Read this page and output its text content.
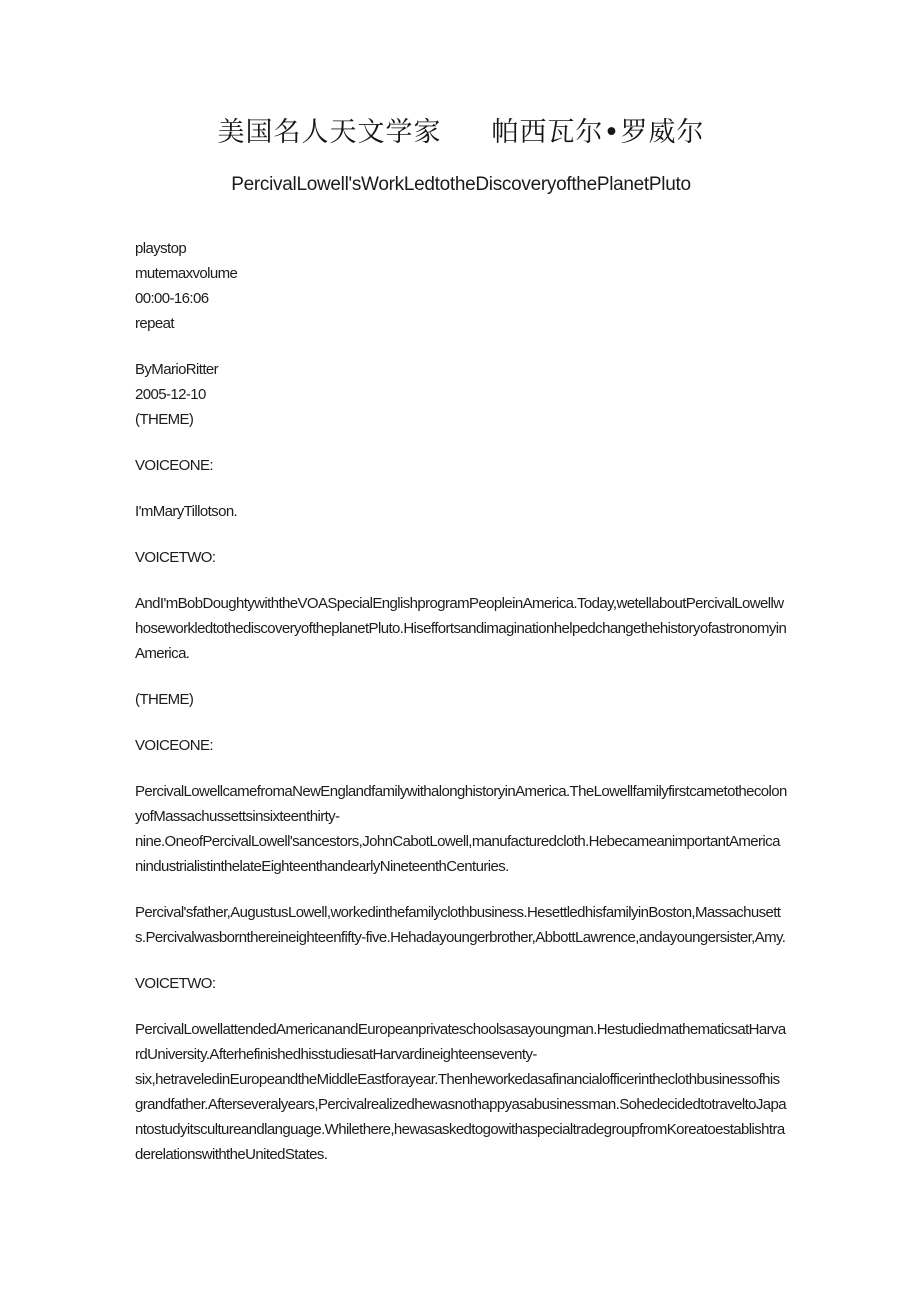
美国名人天文学家 帕西瓦尔•罗威尔
PercivalLowell'sWorkLedtotheDiscoveryofthePlanetPluto

playstop

mutemaxvolume

00:00-16:06

repeat

ByMarioRitter

2005-12-10

(THEME)

VOICEONE:

I'mMaryTillotson.

VOICETWO:

AndI'mBobDoughtywiththeVOASpecialEnglishprogramPeopleinAmerica.Today,wetellaboutPercivalLowellwhoseworkledtothediscoveryoftheplanetPluto.Hiseffortsandimaginationhelpedchangethehistoryofastronomyin America.

(THEME)

VOICEONE:

PercivalLowellcamefromaNewEnglandfamilywithalonghistoryinAmerica.TheLowellfamilyfirstcametothecolonyofMassachussettsinsixteenthirty-nine.OneofPercivalLowell'sancestors,JohnCabotLowell,manufacturedcloth.HebecameanimportantAmericanindustrialistinthelateEighteenthandearlyNineteenthCenturies.

Percival'sfather,AugustusLowell,workedinthefamilyclothbusiness.HesettledhisfamilyinBoston,Massachusetts.Percivalwasbornthereineighteenfifty-five.Hehadayoungerbrother,AbbottLawrence,andayoungersister,Amy.

VOICETWO:

PercivalLowellattendedAmericanandEuropeanprivateschoolsasayoungman.HestudiedmathematicsatHarvardUniversity.AfterhefinishedhisstudiesatHarvardineighteenseventy-six,hetraveledinEuropeandtheMiddleEastforayear.Thenheworkedasafinancialofficerintheclothbusinessofhisgrandfather.Afterseveralyears,Percivalrealizedhewasnothappyasabusinessman.SohedecidedtotraveltoJapantostudyitscultureandlanguage.Whilethere,hewasaskedtogowithaspecialtradegroupfromKoreatoestablishtraderelationswiththeUnitedStates.
